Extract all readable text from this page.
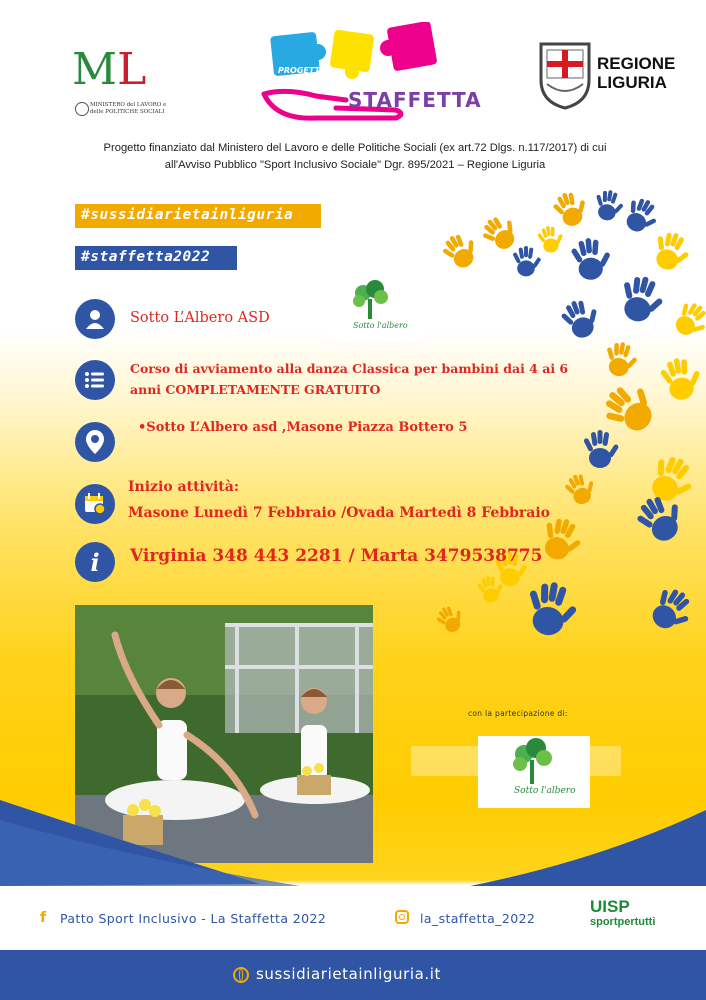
ML
MINISTERO del LAVORO e delle POLITICHE SOCIALI
PROGETTO
STAFFETTA
REGIONE
LIGURIA
Progetto finanziato dal Ministero del Lavoro e delle Politiche Sociali (ex art.72 Dlgs. n.117/2017) di cui
all'Avviso Pubblico "Sport Inclusivo Sociale" Dgr. 895/2021 – Regione Liguria
#sussidiarietainliguria
#staffetta2022
Sotto L’Albero ASD	Sotto l'albero
Corso di avviamento alla danza Classica per bambini dai 4 ai 6
anni COMPLETAMENTE GRATUITO
•Sotto L’Albero asd ,Masone Piazza Bottero 5
Inizio attività:
Masone Lunedì 7 Febbraio /Ovada Martedì 8 Febbraio
i Virginia 348 443 2281 / Marta 3479538775
con la partecipazione di:
Sotto l'albero
f Patto Sport Inclusivo - La Staffetta 2022	la_staffetta_2022
UISP
sportpertutti
sussidiarietainliguria.it
